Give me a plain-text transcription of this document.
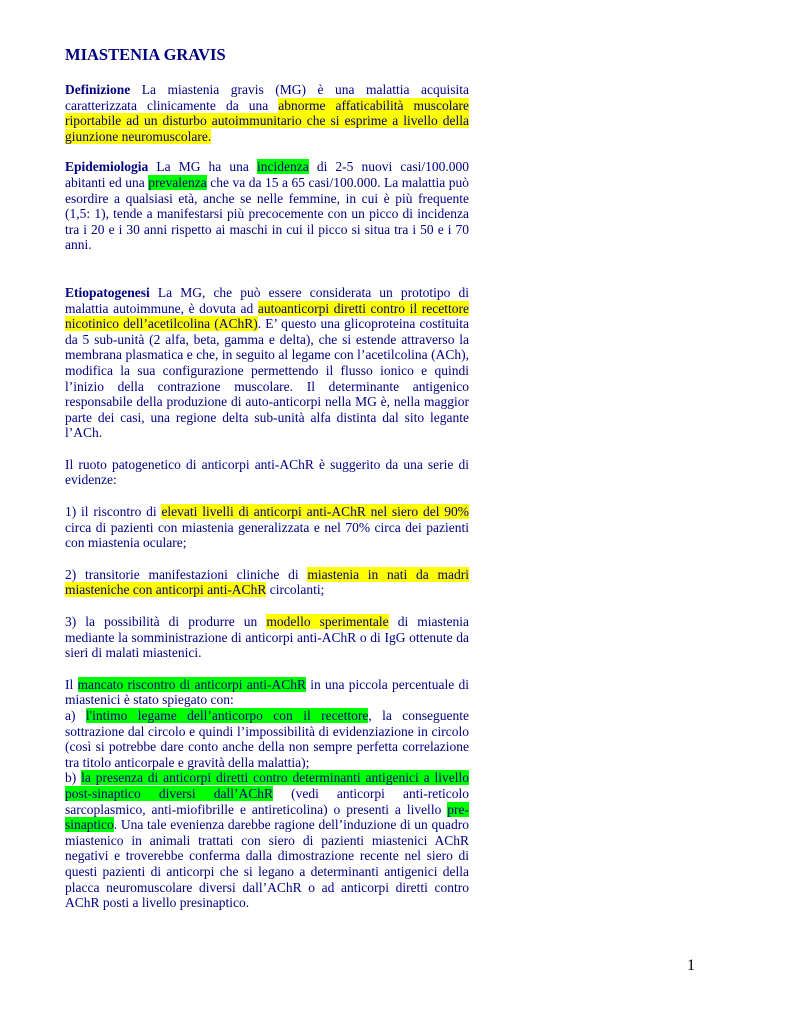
MIASTENIA GRAVIS

Definizione La miastenia gravis (MG) è una malattia acquisita caratterizzata clinicamente da una abnorme affaticabilità muscolare riportabile ad un disturbo autoimmunitario che si esprime a livello della giunzione neuromuscolare.

Epidemiologia La MG ha una incidenza di 2-5 nuovi casi/100.000 abitanti ed una prevalenza che va da 15 a 65 casi/100.000. La malattia può esordire a qualsiasi età, anche se nelle femmine, in cui è più frequente (1,5: 1), tende a manifestarsi più precocemente con un picco di incidenza tra i 20 e i 30 anni rispetto ai maschi in cui il picco si situa tra i 50 e i 70 anni.

Etiopatogenesi La MG, che può essere considerata un prototipo di malattia autoimmune, è dovuta ad autoanticorpi diretti contro il recettore nicotinico dell’acetilcolina (AChR). E’ questo una glicoproteina costituita da 5 sub-unità (2 alfa, beta, gamma e delta), che si estende attraverso la membrana plasmatica e che, in seguito al legame con l’acetilcolina (ACh), modifica la sua configurazione permettendo il flusso ionico e quindi l’inizio della contrazione muscolare. Il determinante antigenico responsabile della produzione di auto-anticorpi nella MG è, nella maggior parte dei casi, una regione delta sub-unità alfa distinta dal sito legante l’ACh.

Il ruoto patogenetico di anticorpi anti-AChR è suggerito da una serie di evidenze:

1) il riscontro di elevati livelli di anticorpi anti-AChR nel siero del 90% circa di pazienti con miastenia generalizzata e nel 70% circa dei pazienti con miastenia oculare;

2) transitorie manifestazioni cliniche di miastenia in nati da madri miasteniche con anticorpi anti-AChR circolanti;

3) la possibilità di produrre un modello sperimentale di miastenia mediante la somministrazione di anticorpi anti-AChR o di IgG ottenute da sieri di malati miastenici.

Il mancato riscontro di anticorpi anti-AChR in una piccola percentuale di miastenici è stato spiegato con:

a) l'intimo legame dell’anticorpo con il recettore, la conseguente sottrazione dal circolo e quindi l’impossibilità di evidenziazione in circolo (così si potrebbe dare conto anche della non sempre perfetta correlazione tra titolo anticorpale e gravità della malattia);

b) la presenza di anticorpi diretti contro determinanti antigenici a livello post-sinaptico diversi dall’AChR (vedi anticorpi anti-reticolo sarcoplasmico, anti-miofibrille e antireticolina) o presenti a livello pre-sinaptico. Una tale evenienza darebbe ragione dell’induzione di un quadro miastenico in animali trattati con siero di pazienti miastenici AChR negativi e troverebbe conferma dalla dimostrazione recente nel siero di questi pazienti di anticorpi che si legano a determinanti antigenici della placca neuromuscolare diversi dall’AChR o ad anticorpi diretti contro AChR posti a livello presinaptico.

1
